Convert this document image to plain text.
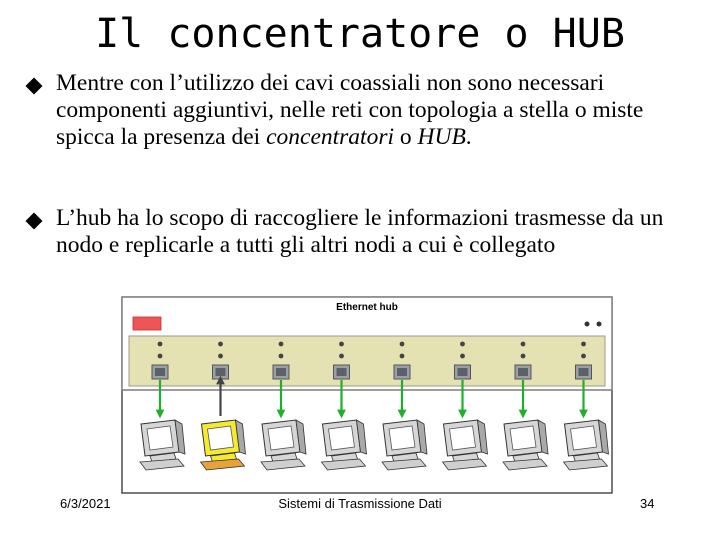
Il concentratore o HUB
Mentre con l’utilizzo dei cavi coassiali non sono necessari componenti aggiuntivi, nelle reti con topologia a stella o miste spicca la presenza dei concentratori o HUB.
L’hub ha lo scopo di raccogliere le informazioni trasmesse da un nodo e replicarle a tutti gli altri nodi a cui è collegato
Ethernet hub
6/3/2021	Sistemi di Trasmissione Dati	34
